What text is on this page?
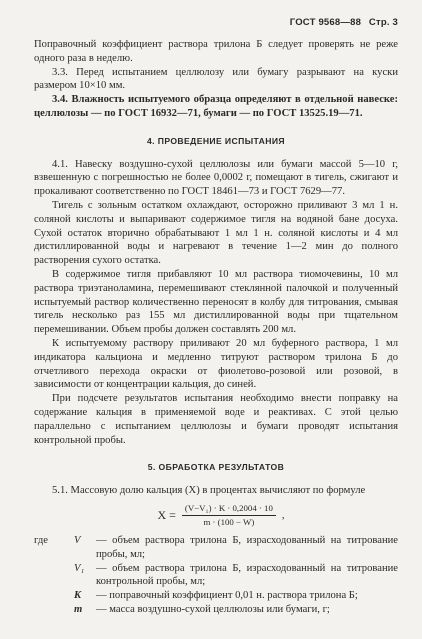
ГОСТ 9568—88 Стр. 3

Поправочный коэффициент раствора трилона Б следует проверять не реже одного раза в неделю.

3.3. Перед испытанием целлюлозу или бумагу разрывают на куски размером 10×10 мм.

3.4. Влажность испытуемого образца определяют в отдельной навеске: целлюлозы — по ГОСТ 16932—71, бумаги — по ГОСТ 13525.19—71.

4. ПРОВЕДЕНИЕ ИСПЫТАНИЯ

4.1. Навеску воздушно-сухой целлюлозы или бумаги массой 5—10 г, взвешенную с погрешностью не более 0,0002 г, помещают в тигель, сжигают и прокаливают соответственно по ГОСТ 18461—73 и ГОСТ 7629—77.

Тигель с зольным остатком охлаждают, осторожно приливают 3 мл 1 н. соляной кислоты и выпаривают содержимое тигля на водяной бане досуха. Сухой остаток вторично обрабатывают 1 мл 1 н. соляной кислоты и 4 мл дистиллированной воды и нагревают в течение 1—2 мин до полного растворения сухого остатка.

В содержимое тигля прибавляют 10 мл раствора тиомочевины, 10 мл раствора триэтаноламина, перемешивают стеклянной палочкой и полученный испытуемый раствор количественно переносят в колбу для титрования, смывая тигель несколько раз 155 мл дистиллированной воды при тщательном перемешивании. Объем пробы должен составлять 200 мл.

К испытуемому раствору приливают 20 мл буферного раствора, 1 мл индикатора кальциона и медленно титруют раствором трилона Б до отчетливого перехода окраски от фиолетово-розовой или розовой, в зависимости от концентрации кальция, до синей.

При подсчете результатов испытания необходимо внести поправку на содержание кальция в применяемой воде и реактивах. С этой целью параллельно с испытанием целлюлозы и бумаги проводят испытания контрольной пробы.

5. ОБРАБОТКА РЕЗУЛЬТАТОВ

5.1. Массовую долю кальция (X) в процентах вычисляют по формуле

$X = \frac{\text{(V−V₁) · K · 0,2004 · 10}}{m \cdot (100 - W)}$ ,
где	V	— объем раствора трилона Б, израсходованный на титрование пробы, мл;
V₁	— объем раствора трилона Б, израсходованный на титрование контрольной пробы, мл;
K	— поправочный коэффициент 0,01 н. раствора трилона Б;
m	— масса воздушно-сухой целлюлозы или бумаги, г;
